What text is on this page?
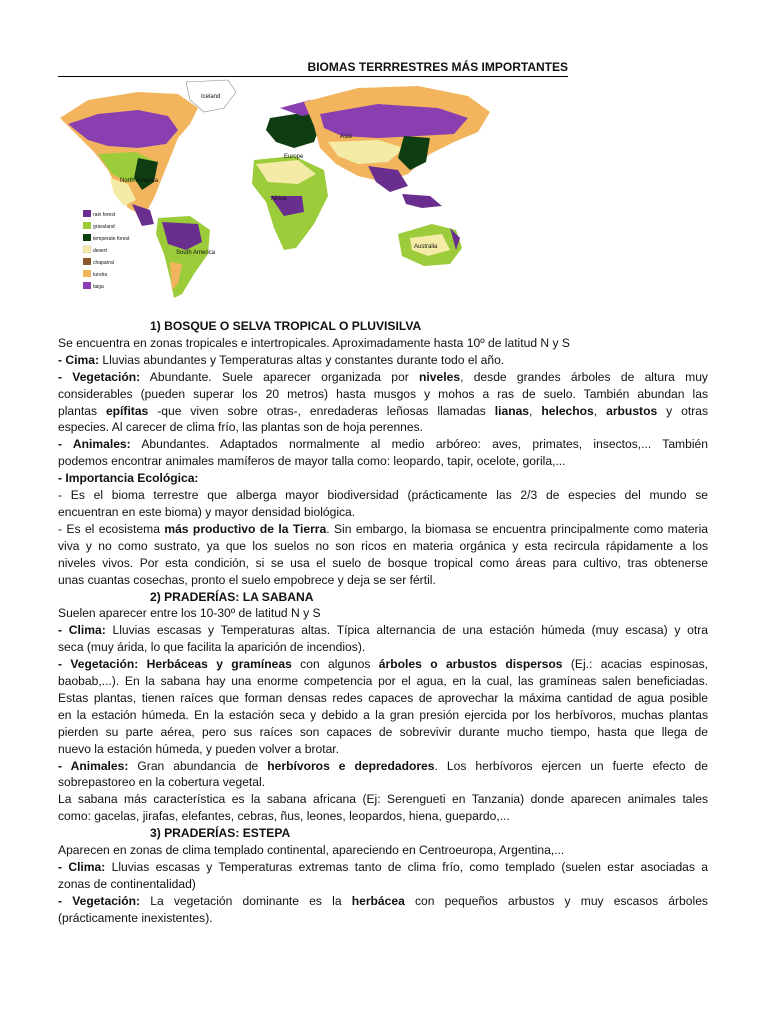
BIOMAS TERRRESTRES MÁS IMPORTANTES
Iceland
Asia
Europe
North America
Africa
South America
Australia
rain forest
grassland
temperate forest
desert
chaparral
tundra
taiga

1) BOSQUE O SELVA TROPICAL O PLUVISILVA

Se encuentra en zonas tropicales e intertropicales. Aproximadamente hasta 10º de latitud N y S

- Cima: Lluvias abundantes y Temperaturas altas y constantes durante todo el año.

- Vegetación: Abundante. Suele aparecer organizada por niveles, desde grandes árboles de altura muy

considerables (pueden superar los 20 metros) hasta musgos y mohos a ras de suelo. También abundan las

plantas epífitas -que viven sobre otras-, enredaderas leñosas llamadas lianas, helechos, arbustos y otras

especies. Al carecer de clima frío, las plantas son de hoja perennes.

- Animales: Abundantes. Adaptados normalmente al medio arbóreo: aves, primates, insectos,... También

podemos encontrar animales mamíferos de mayor talla como: leopardo, tapir, ocelote, gorila,...

- Importancia Ecológica:

- Es el bioma terrestre que alberga mayor biodiversidad (prácticamente las 2/3 de especies del mundo se

encuentran en este bioma) y mayor densidad biológica.

- Es el ecosistema más productivo de la Tierra. Sin embargo, la biomasa se encuentra principalmente como materia

viva y no como sustrato, ya que los suelos no son ricos en materia orgánica y esta recircula rápidamente a los

niveles vivos. Por esta condición, si se usa el suelo de bosque tropical como áreas para cultivo, tras obtenerse

unas cuantas cosechas, pronto el suelo empobrece y deja se ser fértil.

2) PRADERÍAS: LA SABANA

Suelen aparecer entre los 10-30º de latitud N y S

- Clima: Lluvias escasas y Temperaturas altas. Típica alternancia de una estación húmeda (muy escasa) y otra

seca (muy árida, lo que facilita la aparición de incendios).

- Vegetación: Herbáceas y gramíneas con algunos árboles o arbustos dispersos (Ej.: acacias espinosas,

baobab,...). En la sabana hay una enorme competencia por el agua, en la cual, las gramíneas salen beneficiadas.

Estas plantas, tienen raíces que forman densas redes capaces de aprovechar la máxima cantidad de agua posible

en la estación húmeda. En la estación seca y debido a la gran presión ejercida por los herbívoros, muchas plantas

pierden su parte aérea, pero sus raíces son capaces de sobrevivir durante mucho tiempo, hasta que llega de

nuevo la estación húmeda, y pueden volver a brotar.

- Animales: Gran abundancia de herbívoros e depredadores. Los herbívoros ejercen un fuerte efecto de

sobrepastoreo en la cobertura vegetal.

La sabana más característica es la sabana africana (Ej: Serengueti en Tanzania) donde aparecen animales tales

como: gacelas, jirafas, elefantes, cebras, ñus, leones, leopardos, hiena, guepardo,...

3) PRADERÍAS: ESTEPA

Aparecen en zonas de clima templado continental, apareciendo en Centroeuropa, Argentina,...

- Clima: Lluvias escasas y Temperaturas extremas tanto de clima frío, como templado (suelen estar asociadas a

zonas de continentalidad)

- Vegetación: La vegetación dominante es la herbácea con pequeños arbustos y muy escasos árboles

(prácticamente inexistentes).
